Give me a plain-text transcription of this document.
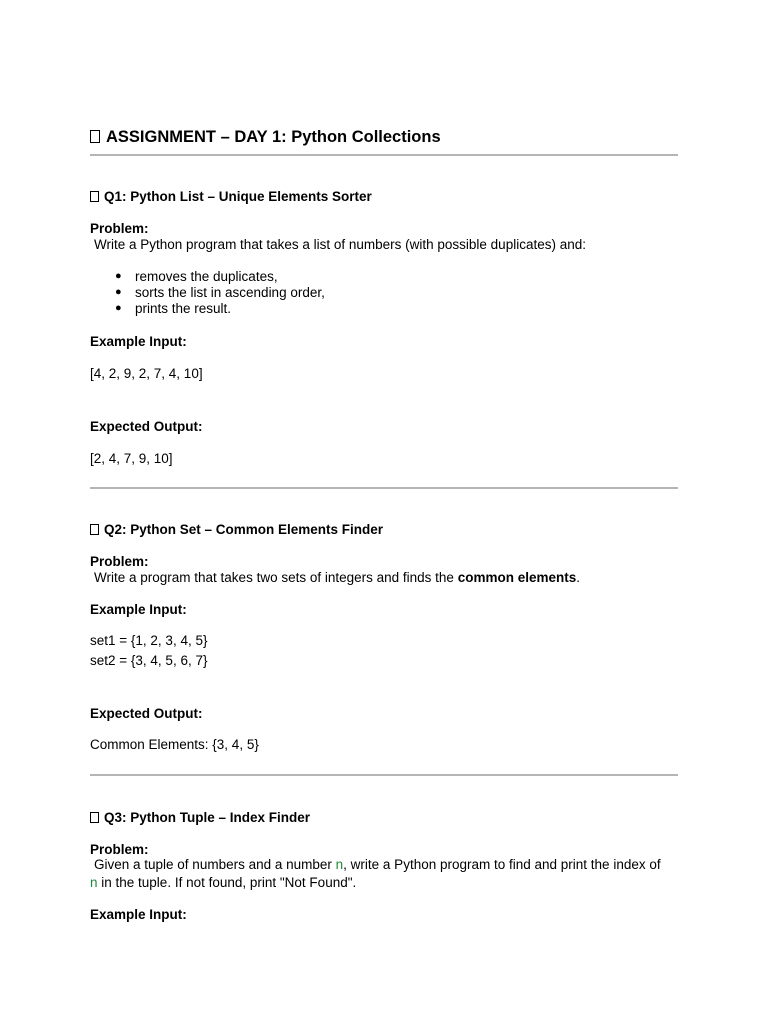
ASSIGNMENT – DAY 1: Python Collections
Q1: Python List – Unique Elements Sorter
Problem:
Write a Python program that takes a list of numbers (with possible duplicates) and:
● removes the duplicates,
● sorts the list in ascending order,
● prints the result.
Example Input:
[4, 2, 9, 2, 7, 4, 10]
Expected Output:
[2, 4, 7, 9, 10]
Q2: Python Set – Common Elements Finder
Problem:
Write a program that takes two sets of integers and finds the common elements.
Example Input:
set1 = {1, 2, 3, 4, 5}
set2 = {3, 4, 5, 6, 7}
Expected Output:
Common Elements: {3, 4, 5}
Q3: Python Tuple – Index Finder
Problem:
Given a tuple of numbers and a number n, write a Python program to find and print the index of
n in the tuple. If not found, print "Not Found".
Example Input:
